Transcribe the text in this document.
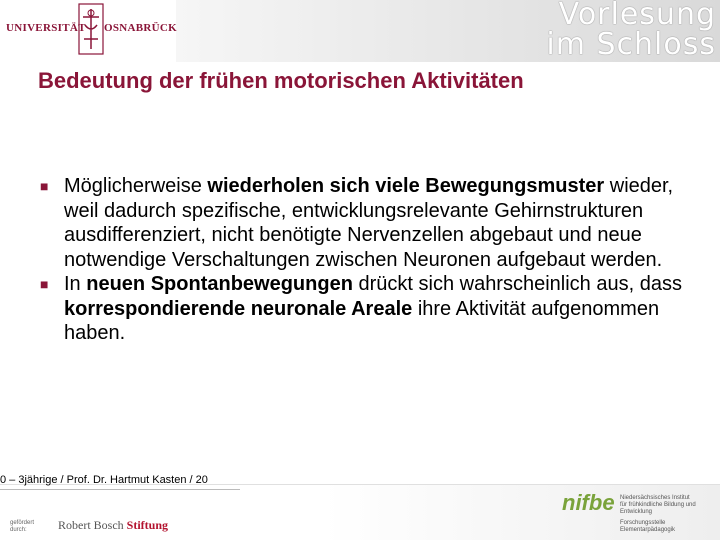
UNIVERSITÄT OSNABRÜCK	Vorlesung
im Schloss
Bedeutung der frühen motorischen Aktivitäten

■ Möglicherweise wiederholen sich viele Bewegungsmuster wieder, weil dadurch spezifische, entwicklungsrelevante Gehirnstrukturen ausdifferenziert, nicht benötigte Nervenzellen abgebaut und neue notwendige Verschaltungen zwischen Neuronen aufgebaut werden.

■ In neuen Spontanbewegungen drückt sich wahrscheinlich aus, dass korrespondierende neuronale Areale ihre Aktivität aufgenommen haben.

0 – 3jährige / Prof. Dr. Hartmut Kasten / 20
gefördert
durch:	Robert Bosch Stiftung
nifbe Niedersächsisches Institut
für frühkindliche Bildung und Entwicklung
Forschungsstelle
Elementarpädagogik
